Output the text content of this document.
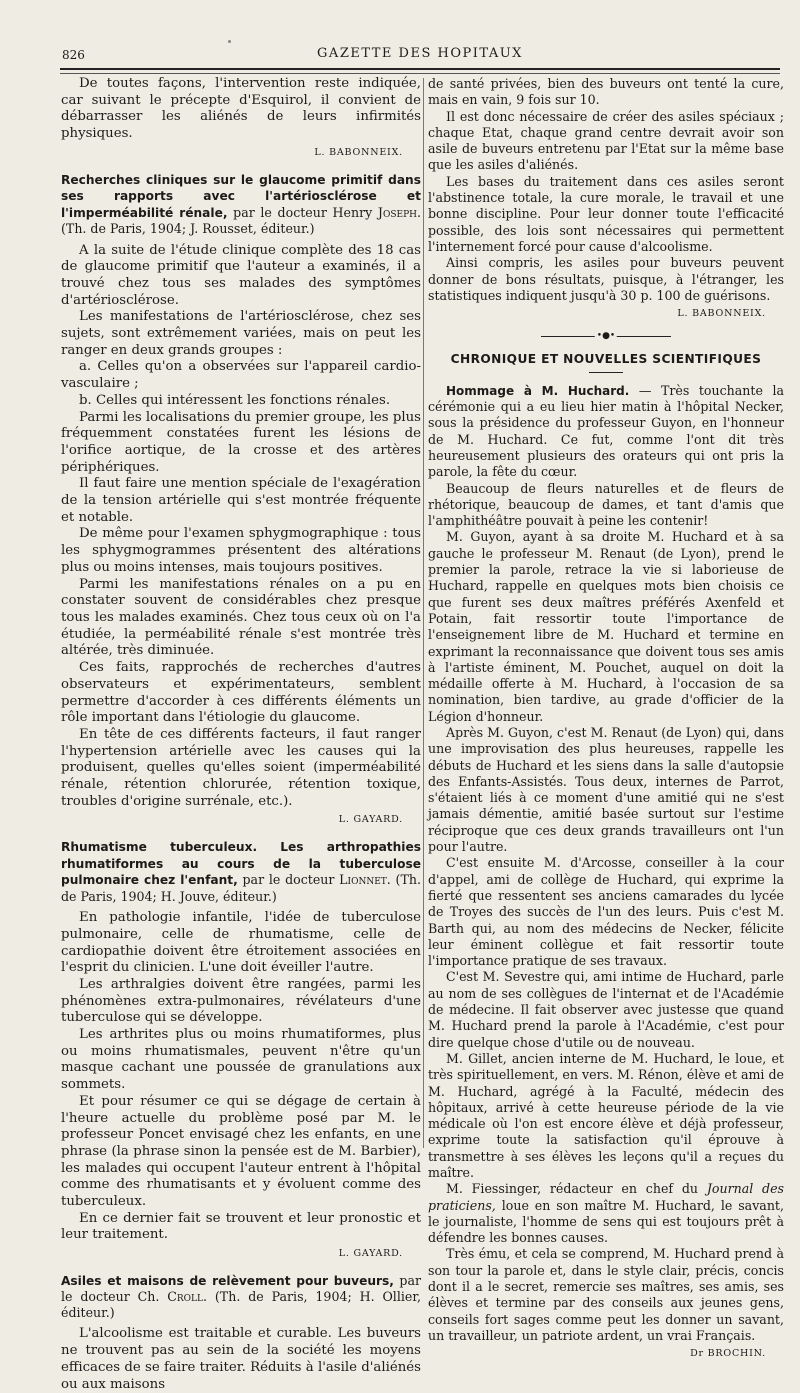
826	GAZETTE DES HOPITAUX

De toutes façons, l'intervention reste indiquée, car suivant le précepte d'Esquirol, il convient de débarrasser les aliénés de leurs infirmités physiques.

L. BABONNEIX.

Recherches cliniques sur le glaucome primitif dans ses rapports avec l'artériosclérose et l'imperméabilité rénale, par le docteur Henry Joseph. (Th. de Paris, 1904; J. Rousset, éditeur.)

A la suite de l'étude clinique complète des 18 cas de glaucome primitif que l'auteur a examinés, il a trouvé chez tous ses malades des symptômes d'artériosclérose.

Les manifestations de l'artériosclérose, chez ses sujets, sont extrêmement variées, mais on peut les ranger en deux grands groupes :

a. Celles qu'on a observées sur l'appareil cardio-vasculaire ;

b. Celles qui intéressent les fonctions rénales.

Parmi les localisations du premier groupe, les plus fréquemment constatées furent les lésions de l'orifice aortique, de la crosse et des artères périphériques.

Il faut faire une mention spéciale de l'exagération de la tension artérielle qui s'est montrée fréquente et notable.

De même pour l'examen sphygmographique : tous les sphygmogrammes présentent des altérations plus ou moins intenses, mais toujours positives.

Parmi les manifestations rénales on a pu en constater souvent de considérables chez presque tous les malades examinés. Chez tous ceux où on l'a étudiée, la perméabilité rénale s'est montrée très altérée, très diminuée.

Ces faits, rapprochés de recherches d'autres observateurs et expérimentateurs, semblent permettre d'accorder à ces différents éléments un rôle important dans l'étiologie du glaucome.

En tête de ces différents facteurs, il faut ranger l'hypertension artérielle avec les causes qui la produisent, quelles qu'elles soient (imperméabilité rénale, rétention chlorurée, rétention toxique, troubles d'origine surrénale, etc.).

L. GAYARD.

Rhumatisme tuberculeux. Les arthropathies rhumatiformes au cours de la tuberculose pulmonaire chez l'enfant, par le docteur Lionnet. (Th. de Paris, 1904; H. Jouve, éditeur.)

En pathologie infantile, l'idée de tuberculose pulmonaire, celle de rhumatisme, celle de cardiopathie doivent être étroitement associées en l'esprit du clinicien. L'une doit éveiller l'autre.

Les arthralgies doivent être rangées, parmi les phénomènes extra-pulmonaires, révélateurs d'une tuberculose qui se développe.

Les arthrites plus ou moins rhumatiformes, plus ou moins rhumatismales, peuvent n'être qu'un masque cachant une poussée de granulations aux sommets.

Et pour résumer ce qui se dégage de certain à l'heure actuelle du problème posé par M. le professeur Poncet envisagé chez les enfants, en une phrase (la phrase sinon la pensée est de M. Barbier), les malades qui occupent l'auteur entrent à l'hôpital comme des rhumatisants et y évoluent comme des tuberculeux.

En ce dernier fait se trouvent et leur pronostic et leur traitement.

L. GAYARD.

Asiles et maisons de relèvement pour buveurs, par le docteur Ch. Croll. (Th. de Paris, 1904; H. Ollier, éditeur.)

L'alcoolisme est traitable et curable. Les buveurs ne trouvent pas au sein de la société les moyens efficaces de se faire traiter. Réduits à l'asile d'aliénés ou aux maisons

de santé privées, bien des buveurs ont tenté la cure, mais en vain, 9 fois sur 10.

Il est donc nécessaire de créer des asiles spéciaux ; chaque Etat, chaque grand centre devrait avoir son asile de buveurs entretenu par l'Etat sur la même base que les asiles d'aliénés.

Les bases du traitement dans ces asiles seront l'abstinence totale, la cure morale, le travail et une bonne discipline. Pour leur donner toute l'efficacité possible, des lois sont nécessaires qui permettent l'internement forcé pour cause d'alcoolisme.

Ainsi compris, les asiles pour buveurs peuvent donner de bons résultats, puisque, à l'étranger, les statistiques indiquent jusqu'à 30 p. 100 de guérisons.

L. BABONNEIX.
•●•
CHRONIQUE ET NOUVELLES SCIENTIFIQUES

Hommage à M. Huchard. — Très touchante la cérémonie qui a eu lieu hier matin à l'hôpital Necker, sous la présidence du professeur Guyon, en l'honneur de M. Huchard. Ce fut, comme l'ont dit très heureusement plusieurs des orateurs qui ont pris la parole, la fête du cœur.

Beaucoup de fleurs naturelles et de fleurs de rhétorique, beaucoup de dames, et tant d'amis que l'amphithéâtre pouvait à peine les contenir!

M. Guyon, ayant à sa droite M. Huchard et à sa gauche le professeur M. Renaut (de Lyon), prend le premier la parole, retrace la vie si laborieuse de Huchard, rappelle en quelques mots bien choisis ce que furent ses deux maîtres préférés Axenfeld et Potain, fait ressortir toute l'importance de l'enseignement libre de M. Huchard et termine en exprimant la reconnaissance que doivent tous ses amis à l'artiste éminent, M. Pouchet, auquel on doit la médaille offerte à M. Huchard, à l'occasion de sa nomination, bien tardive, au grade d'officier de la Légion d'honneur.

Après M. Guyon, c'est M. Renaut (de Lyon) qui, dans une improvisation des plus heureuses, rappelle les débuts de Huchard et les siens dans la salle d'autopsie des Enfants-Assistés. Tous deux, internes de Parrot, s'étaient liés à ce moment d'une amitié qui ne s'est jamais démentie, amitié basée surtout sur l'estime réciproque que ces deux grands travailleurs ont l'un pour l'autre.

C'est ensuite M. d'Arcosse, conseiller à la cour d'appel, ami de collège de Huchard, qui exprime la fierté que ressentent ses anciens camarades du lycée de Troyes des succès de l'un des leurs. Puis c'est M. Barth qui, au nom des médecins de Necker, félicite leur éminent collègue et fait ressortir toute l'importance pratique de ses travaux.

C'est M. Sevestre qui, ami intime de Huchard, parle au nom de ses collègues de l'internat et de l'Académie de médecine. Il fait observer avec justesse que quand M. Huchard prend la parole à l'Académie, c'est pour dire quelque chose d'utile ou de nouveau.

M. Gillet, ancien interne de M. Huchard, le loue, et très spirituellement, en vers. M. Rénon, élève et ami de M. Huchard, agrégé à la Faculté, médecin des hôpitaux, arrivé à cette heureuse période de la vie médicale où l'on est encore élève et déjà professeur, exprime toute la satisfaction qu'il éprouve à transmettre à ses élèves les leçons qu'il a reçues du maître.

M. Fiessinger, rédacteur en chef du Journal des praticiens, loue en son maître M. Huchard, le savant, le journaliste, l'homme de sens qui est toujours prêt à défendre les bonnes causes.

Très ému, et cela se comprend, M. Huchard prend à son tour la parole et, dans le style clair, précis, concis dont il a le secret, remercie ses maîtres, ses amis, ses élèves et termine par des conseils aux jeunes gens, conseils fort sages comme peut les donner un savant, un travailleur, un patriote ardent, un vrai Français.

Dr BROCHIN.
